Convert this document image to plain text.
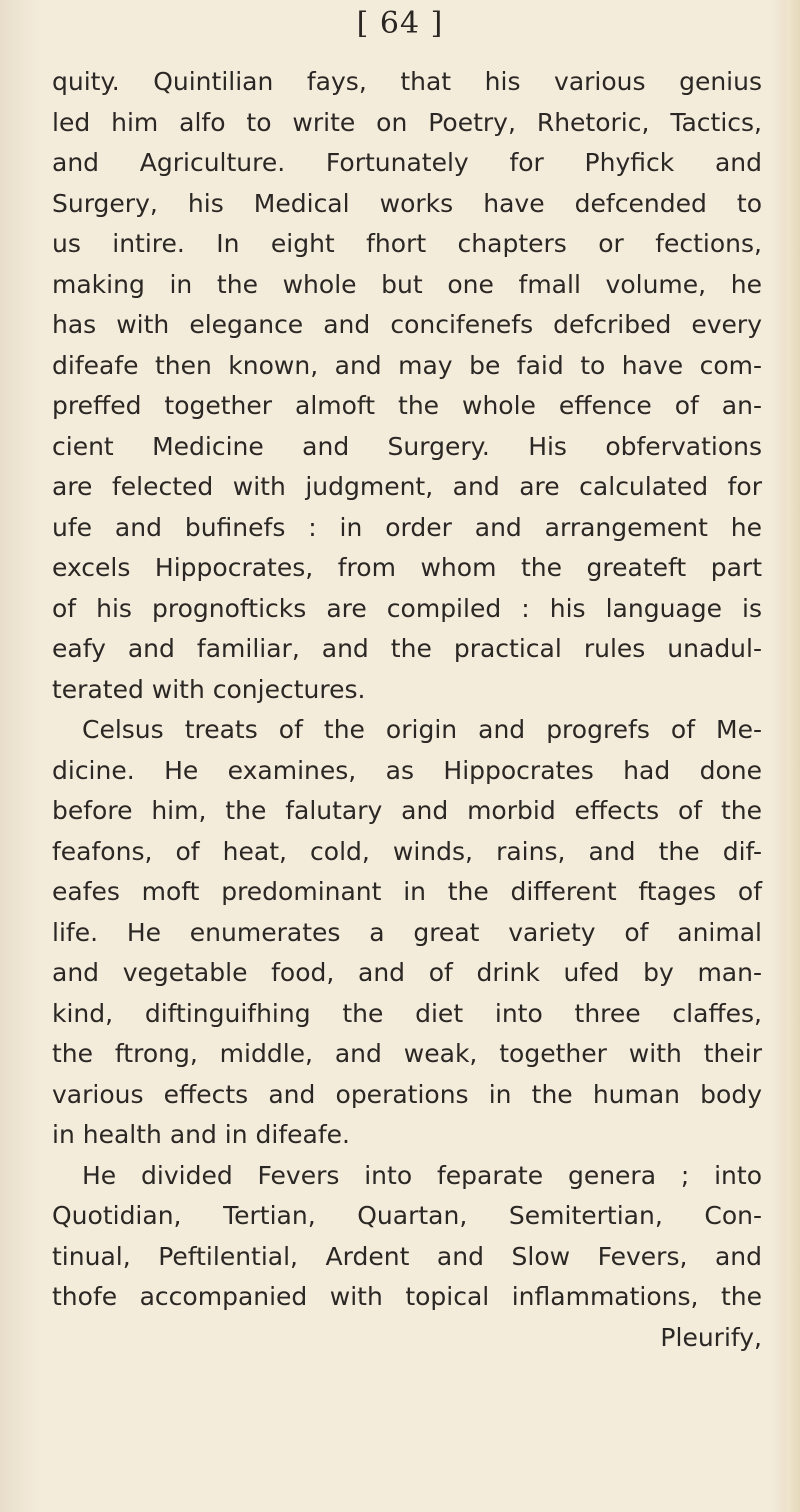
[ 64 ]
quity. Quintilian fays, that his various genius
led him alfo to write on Poetry, Rhetoric, Tactics,
and Agriculture. Fortunately for Phyfick and
Surgery, his Medical works have defcended to
us intire. In eight fhort chapters or fections,
making in the whole but one fmall volume, he
has with elegance and concifenefs defcribed every
difeafe then known, and may be faid to have com-
preffed together almoft the whole effence of an-
cient Medicine and Surgery. His obfervations
are felected with judgment, and are calculated for
ufe and bufinefs : in order and arrangement he
excels Hippocrates, from whom the greateft part
of his prognofticks are compiled : his language is
eafy and familiar, and the practical rules unadul-
terated with conjectures.
Celsus treats of the origin and progrefs of Me-
dicine. He examines, as Hippocrates had done
before him, the falutary and morbid effects of the
feafons, of heat, cold, winds, rains, and the dif-
eafes moft predominant in the different ftages of
life. He enumerates a great variety of animal
and vegetable food, and of drink ufed by man-
kind, diftinguifhing the diet into three claffes,
the ftrong, middle, and weak, together with their
various effects and operations in the human body
in health and in difeafe.
He divided Fevers into feparate genera ; into
Quotidian, Tertian, Quartan, Semitertian, Con-
tinual, Peftilential, Ardent and Slow Fevers, and
thofe accompanied with topical inflammations, the
Pleurify,
